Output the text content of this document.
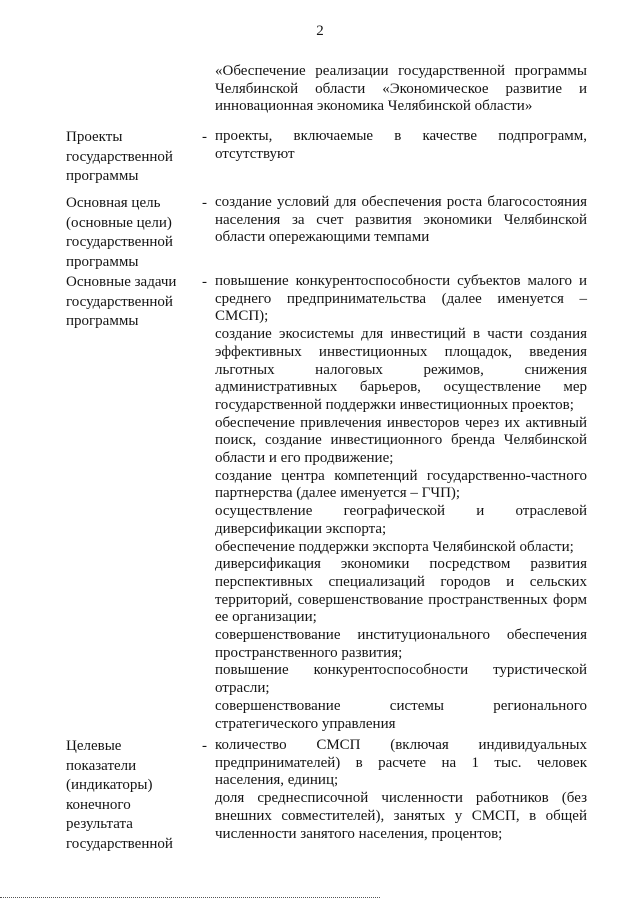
2
«Обеспечение реализации государственной программы Челябинской области «Экономическое развитие и инновационная экономика Челябинской области»
Проекты государственной программы
- проекты, включаемые в качестве подпрограмм, отсутствуют

Основная цель (основные цели) государственной программы
- создание условий для обеспечения роста благосостояния населения за счет развития экономики Челябинской области опережающими темпами

Основные задачи государственной программы
- повышение конкурентоспособности субъектов малого и среднего предпринимательства (далее именуется – СМСП);

создание экосистемы для инвестиций в части создания эффективных инвестиционных площадок, введения льготных налоговых режимов, снижения административных барьеров, осуществление мер государственной поддержки инвестиционных проектов;

обеспечение привлечения инвесторов через их активный поиск, создание инвестиционного бренда Челябинской области и его продвижение;

создание центра компетенций государственно-частного партнерства (далее именуется – ГЧП);

осуществление географической и отраслевой диверсификации экспорта;

обеспечение поддержки экспорта Челябинской области;

диверсификация экономики посредством развития перспективных специализаций городов и сельских территорий, совершенствование пространственных форм ее организации;

совершенствование институционального обеспечения пространственного развития;

повышение конкурентоспособности туристической отрасли;

совершенствование системы регионального стратегического управления

Целевые показатели (индикаторы) конечного результата государственной
- количество СМСП (включая индивидуальных предпринимателей) в расчете на 1 тыс. человек населения, единиц;

доля среднесписочной численности работников (без внешних совместителей), занятых у СМСП, в общей численности занятого населения, процентов;
